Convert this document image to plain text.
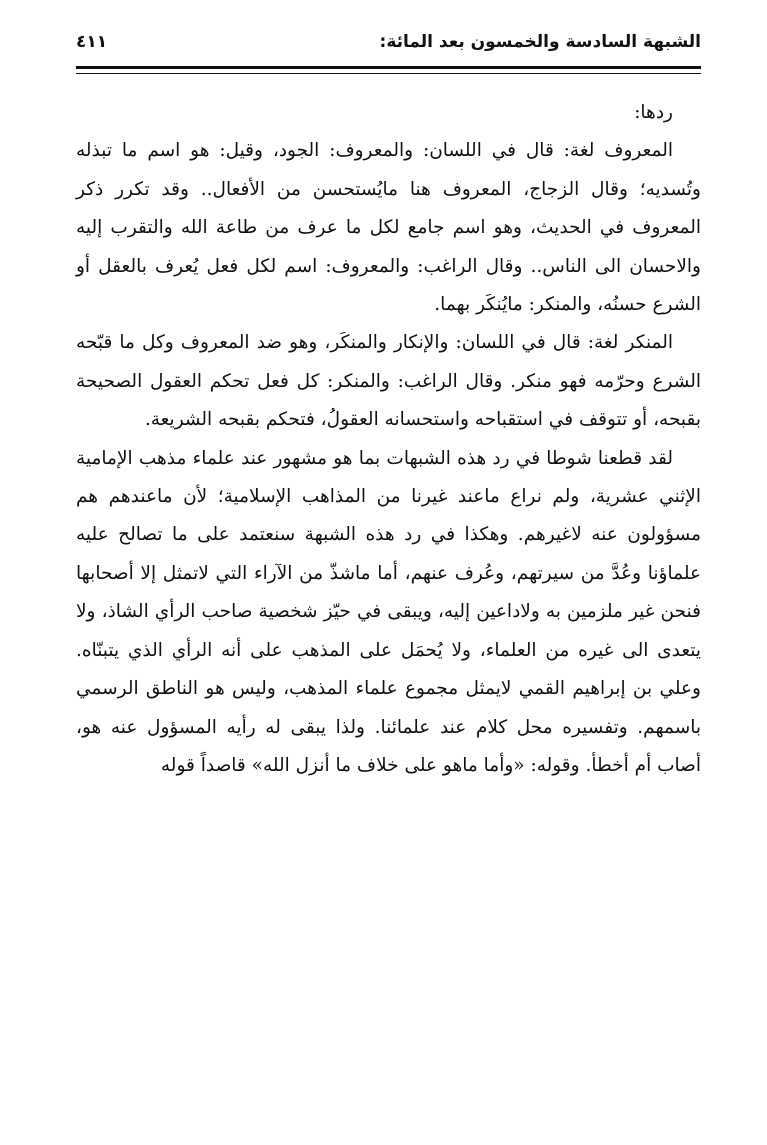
الشبهة السادسة والخمسون بعد المائة:
٤١١

ردها:

المعروف لغة: قال في اللسان: والمعروف: الجود، وقيل: هو اسم ما تبذله وتُسديه؛ وقال الزجاج، المعروف هنا مايُستحسن من الأفعال.. وقد تكرر ذكر المعروف في الحديث، وهو اسم جامع لكل ما عرف من طاعة الله والتقرب إليه والاحسان الى الناس.. وقال الراغب: والمعروف: اسم لكل فعل يُعرف بالعقل أو الشرع حسنُه، والمنكر: مايُنكَر بهما.

المنكر لغة: قال في اللسان: والإنكار والمنكَر، وهو ضد المعروف وكل ما قبّحه الشرع وحرّمه فهو منكر. وقال الراغب: والمنكر: كل فعل تحكم العقول الصحيحة بقبحه، أو تتوقف في استقباحه واستحسانه العقولُ، فتحكم بقبحه الشريعة.

لقد قطعنا شوطا في رد هذه الشبهات بما هو مشهور عند علماء مذهب الإمامية الإثني عشرية، ولم نراع ماعند غيرنا من المذاهب الإسلامية؛ لأن ماعندهم هم مسؤولون عنه لاغيرهم. وهكذا في رد هذه الشبهة سنعتمد على ما تصالح عليه علماؤنا وعُدَّ من سيرتهم، وعُرف عنهم، أما ماشذّ من الآراء التي لاتمثل إلا أصحابها فنحن غير ملزمين به ولاداعين إليه، ويبقى في حيّز شخصية صاحب الرأي الشاذ، ولا يتعدى الى غيره من العلماء، ولا يُحمَل على المذهب على أنه الرأي الذي يتبنّاه. وعلي بن إبراهيم القمي لايمثل مجموع علماء المذهب، وليس هو الناطق الرسمي باسمهم. وتفسيره محل كلام عند علمائنا. ولذا يبقى له رأيه المسؤول عنه هو، أصاب أم أخطأ. وقوله: «وأما ماهو على خلاف ما أنزل الله» قاصداً قوله
